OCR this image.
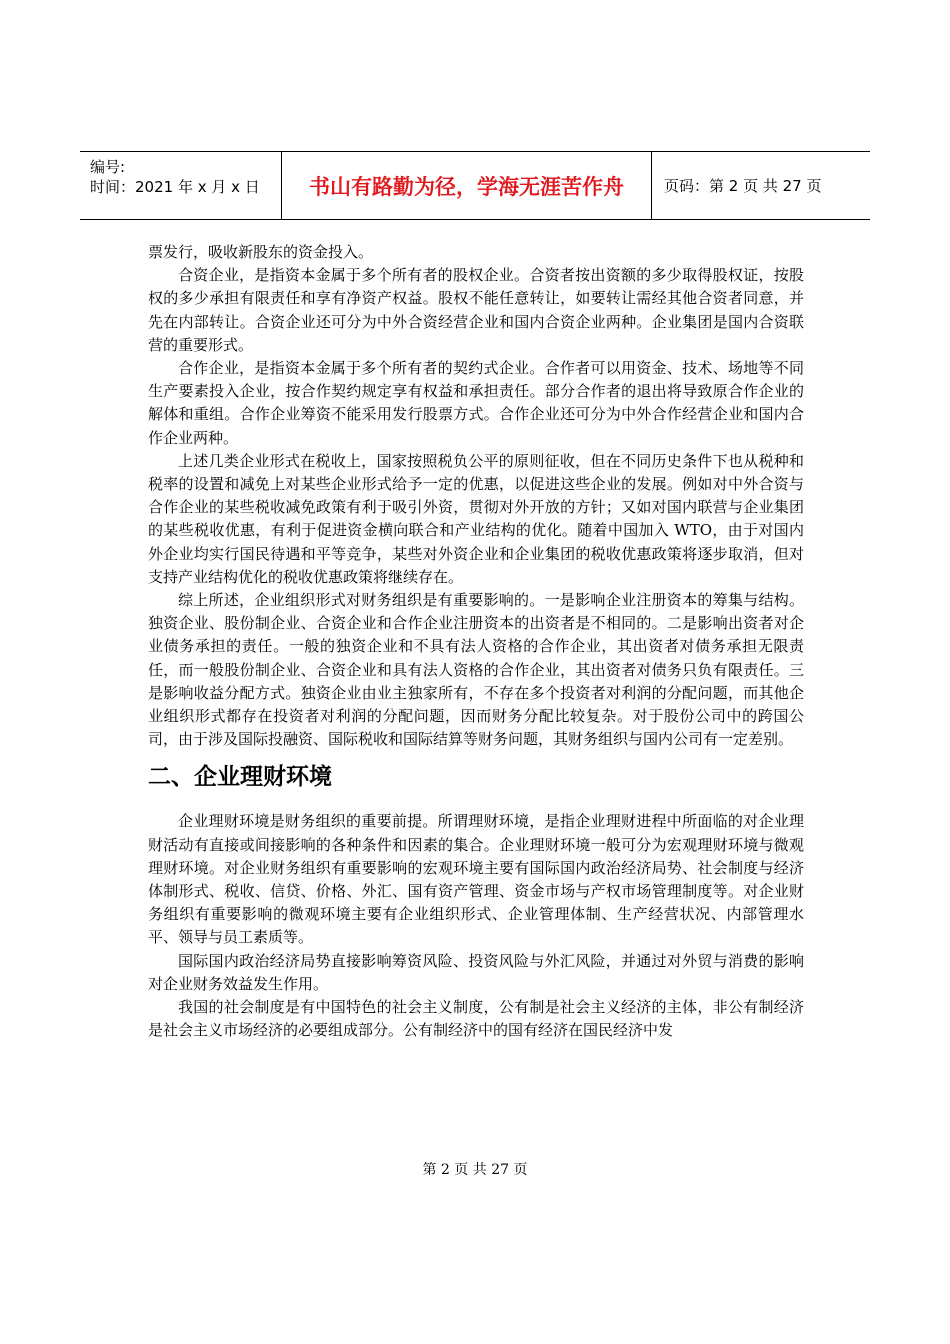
编号:
时间：2021 年 x 月 x 日	书山有路勤为径，学海无涯苦作舟	页码：第 2 页 共 27 页

票发行，吸收新股东的资金投入。

合资企业，是指资本金属于多个所有者的股权企业。合资者按出资额的多少取得股权证，按股权的多少承担有限责任和享有净资产权益。股权不能任意转让，如要转让需经其他合资者同意，并先在内部转让。合资企业还可分为中外合资经营企业和国内合资企业两种。企业集团是国内合资联营的重要形式。

合作企业，是指资本金属于多个所有者的契约式企业。合作者可以用资金、技术、场地等不同生产要素投入企业，按合作契约规定享有权益和承担责任。部分合作者的退出将导致原合作企业的解体和重组。合作企业筹资不能采用发行股票方式。合作企业还可分为中外合作经营企业和国内合作企业两种。

上述几类企业形式在税收上，国家按照税负公平的原则征收，但在不同历史条件下也从税种和税率的设置和减免上对某些企业形式给予一定的优惠，以促进这些企业的发展。例如对中外合资与合作企业的某些税收减免政策有利于吸引外资，贯彻对外开放的方针；又如对国内联营与企业集团的某些税收优惠，有利于促进资金横向联合和产业结构的优化。随着中国加入 WTO，由于对国内外企业均实行国民待遇和平等竞争，某些对外资企业和企业集团的税收优惠政策将逐步取消，但对支持产业结构优化的税收优惠政策将继续存在。

综上所述，企业组织形式对财务组织是有重要影响的。一是影响企业注册资本的筹集与结构。独资企业、股份制企业、合资企业和合作企业注册资本的出资者是不相同的。二是影响出资者对企业债务承担的责任。一般的独资企业和不具有法人资格的合作企业，其出资者对债务承担无限责任，而一般股份制企业、合资企业和具有法人资格的合作企业，其出资者对债务只负有限责任。三是影响收益分配方式。独资企业由业主独家所有，不存在多个投资者对利润的分配问题，而其他企业组织形式都存在投资者对利润的分配问题，因而财务分配比较复杂。对于股份公司中的跨国公司，由于涉及国际投融资、国际税收和国际结算等财务问题，其财务组织与国内公司有一定差别。

二、企业理财环境

企业理财环境是财务组织的重要前提。所谓理财环境，是指企业理财进程中所面临的对企业理财活动有直接或间接影响的各种条件和因素的集合。企业理财环境一般可分为宏观理财环境与微观理财环境。对企业财务组织有重要影响的宏观环境主要有国际国内政治经济局势、社会制度与经济体制形式、税收、信贷、价格、外汇、国有资产管理、资金市场与产权市场管理制度等。对企业财务组织有重要影响的微观环境主要有企业组织形式、企业管理体制、生产经营状况、内部管理水平、领导与员工素质等。

国际国内政治经济局势直接影响筹资风险、投资风险与外汇风险，并通过对外贸与消费的影响对企业财务效益发生作用。

我国的社会制度是有中国特色的社会主义制度，公有制是社会主义经济的主体，非公有制经济是社会主义市场经济的必要组成部分。公有制经济中的国有经济在国民经济中发

第 2 页 共 27 页
